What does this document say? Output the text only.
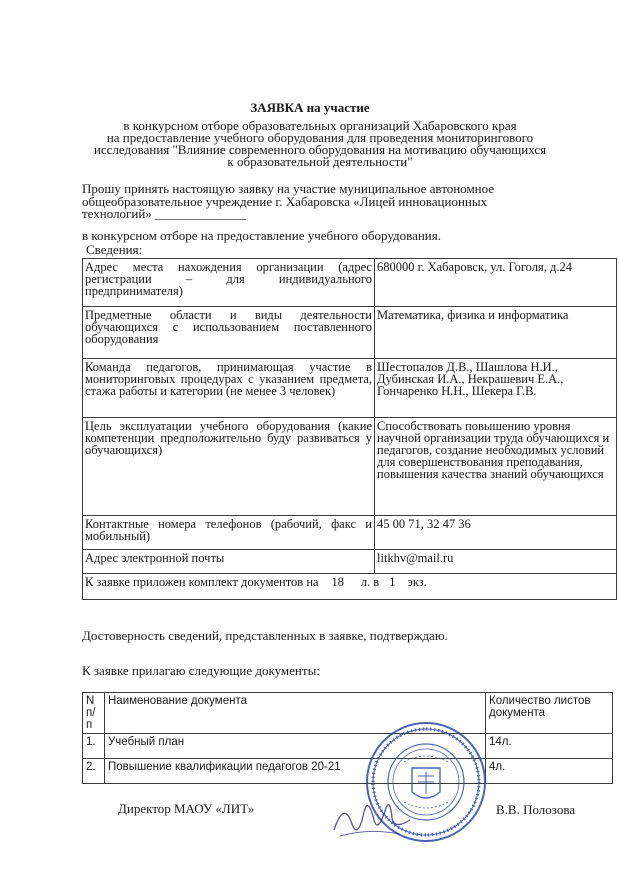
ЗАЯВКА на участие
в конкурсном отборе образовательных организаций Хабаровского края
на предоставление учебного оборудования для проведения мониторингового
исследования "Влияние современного оборудования на мотивацию обучающихся
к образовательной деятельности"
Прошу принять настоящую заявку на участие муниципальное автономное
общеобразовательное учреждение г. Хабаровска «Лицей инновационных
технологий» ______________
в конкурсном отборе на предоставление учебного оборудования.
Сведения:
Адрес места нахождения организации (адрес регистрации – для индивидуального предпринимателя)	680000 г. Хабаровск, ул. Гоголя, д.24
Предметные области и виды деятельности обучающихся с использованием поставленного оборудования	Математика, физика и информатика
Команда педагогов, принимающая участие в мониторинговых процедурах с указанием предмета, стажа работы и категории (не менее 3 человек)	Шестопалов Д.В., Шашлова Н.И., Дубинская И.А., Некрашевич Е.А., Гончаренко Н.Н., Шекера Г.В.
Цель эксплуатации учебного оборудования (какие компетенции предположительно буду развиваться у обучающихся)	Способствовать повышению уровня научной организации труда обучающихся и педагогов, создание необходимых условий для совершенствования преподавания, повышения качества знаний обучающихся
Контактные номера телефонов (рабочий, факс и мобильный)	45 00 71, 32 47 36
Адрес электронной почты	litkhv@mail.ru
К заявке приложен комплект документов на 18 л. в 1 экз.	
Достоверность сведений, представленных в заявке, подтверждаю.
К заявке прилагаю следующие документы:
N п/п	Наименование документа	Количество листов документа
1.	Учебный план	14л.
2.	Повышение квалификации педагогов 20-21	4л.
Директор МАОУ «ЛИТ»	В.В. Полозова
